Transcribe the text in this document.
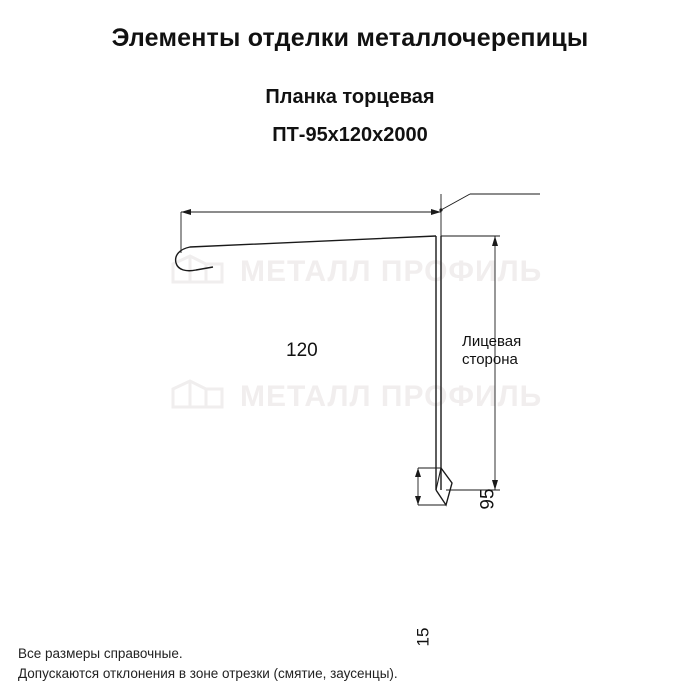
Элементы отделки металлочерепицы
Планка торцевая
ПТ-95х120х2000
МЕТАЛЛ ПРОФИЛЬ
МЕТАЛЛ ПРОФИЛЬ
120
95
15
Лицевая
сторона
Все размеры справочные.
Допускаются отклонения в зоне отрезки (смятие, заусенцы).
